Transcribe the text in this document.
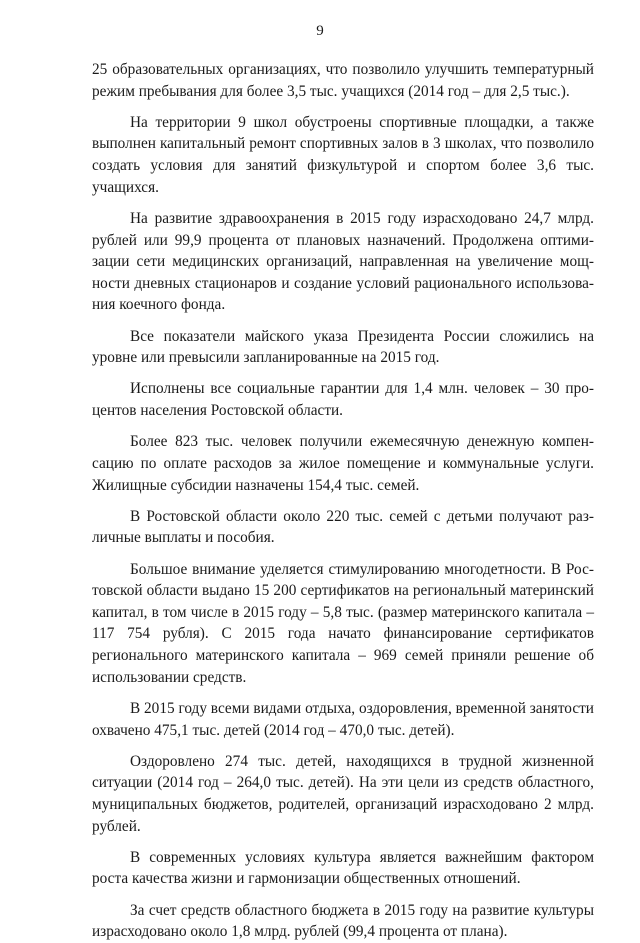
9

25 образовательных организациях, что позволило улучшить температурный режим пребывания для более 3,5 тыс. учащихся (2014 год – для 2,5 тыс.).

На территории 9 школ обустроены спортивные площадки, а также выполнен капитальный ремонт спортивных залов в 3 школах, что позволило создать условия для занятий физкультурой и спортом более 3,6 тыс. учащихся.

На развитие здравоохранения в 2015 году израсходовано 24,7 млрд. рублей или 99,9 процента от плановых назначений. Продолжена оптимизации сети медицинских организаций, направленная на увеличение мощности дневных стационаров и создание условий рационального использования коечного фонда.

Все показатели майского указа Президента России сложились на уровне или превысили запланированные на 2015 год.

Исполнены все социальные гарантии для 1,4 млн. человек – 30 процентов населения Ростовской области.

Более 823 тыс. человек получили ежемесячную денежную компенсацию по оплате расходов за жилое помещение и коммунальные услуги. Жилищные субсидии назначены 154,4 тыс. семей.

В Ростовской области около 220 тыс. семей с детьми получают различные выплаты и пособия.

Большое внимание уделяется стимулированию многодетности. В Ростовской области выдано 15 200 сертификатов на региональный материнский капитал, в том числе в 2015 году – 5,8 тыс. (размер материнского капитала – 117 754 рубля). С 2015 года начато финансирование сертификатов регионального материнского капитала – 969 семей приняли решение об использовании средств.

В 2015 году всеми видами отдыха, оздоровления, временной занятости охвачено 475,1 тыс. детей (2014 год – 470,0 тыс. детей).

Оздоровлено 274 тыс. детей, находящихся в трудной жизненной ситуации (2014 год – 264,0 тыс. детей). На эти цели из средств областного, муниципальных бюджетов, родителей, организаций израсходовано 2 млрд. рублей.

В современных условиях культура является важнейшим фактором роста качества жизни и гармонизации общественных отношений.

За счет средств областного бюджета в 2015 году на развитие культуры израсходовано около 1,8 млрд. рублей (99,4 процента от плана).
